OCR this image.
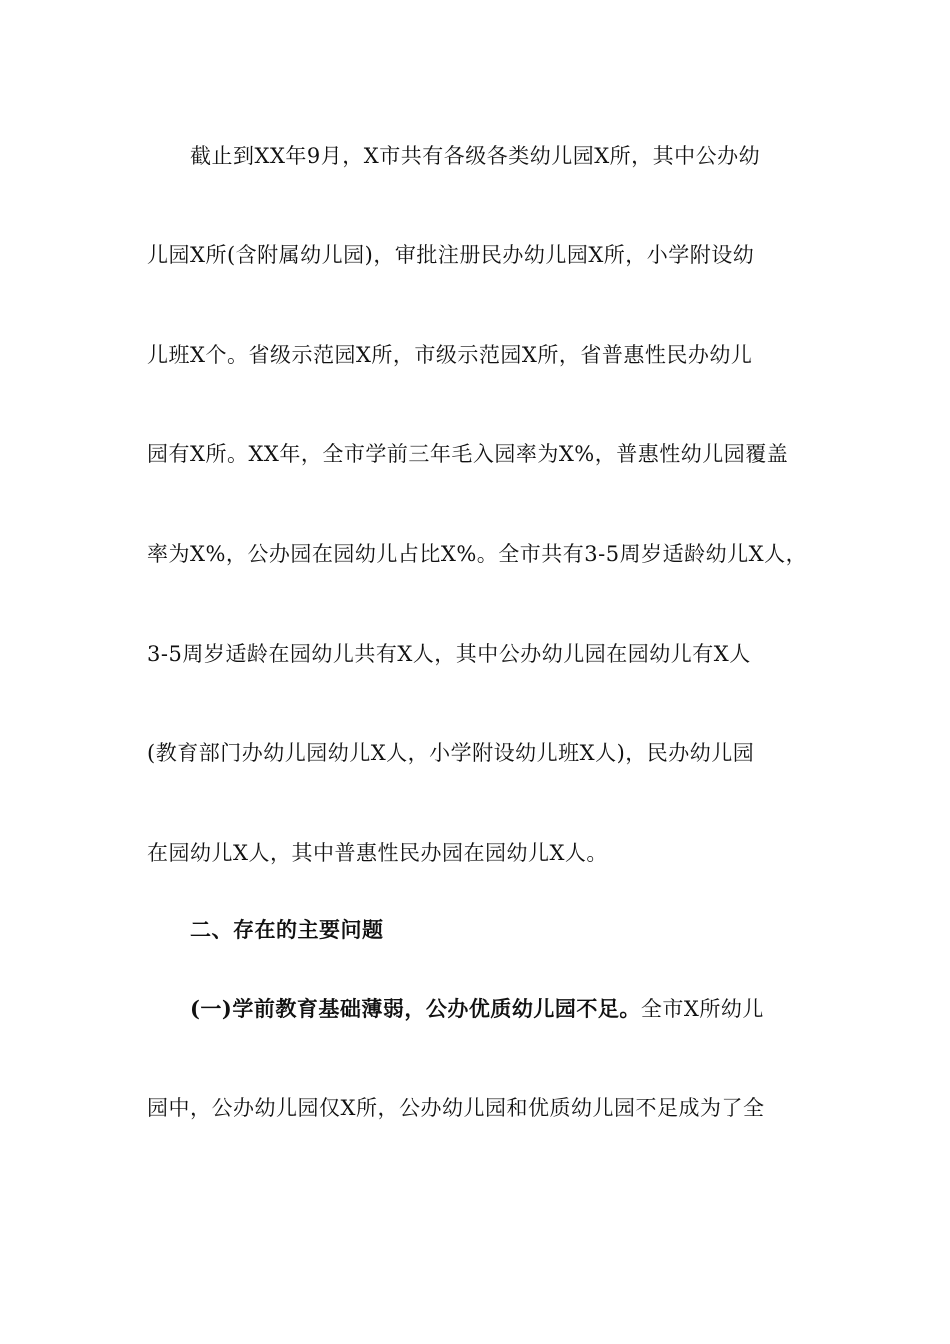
截止到XX年9月，X市共有各级各类幼儿园X所，其中公办幼
儿园X所(含附属幼儿园)，审批注册民办幼儿园X所，小学附设幼
儿班X个。省级示范园X所，市级示范园X所，省普惠性民办幼儿
园有X所。XX年，全市学前三年毛入园率为X%，普惠性幼儿园覆盖
率为X%，公办园在园幼儿占比X%。全市共有3-5周岁适龄幼儿X人，
3-5周岁适龄在园幼儿共有X人，其中公办幼儿园在园幼儿有X人
(教育部门办幼儿园幼儿X人，小学附设幼儿班X人)，民办幼儿园
在园幼儿X人，其中普惠性民办园在园幼儿X人。
二、存在的主要问题
(一)学前教育基础薄弱，公办优质幼儿园不足。全市X所幼儿
园中，公办幼儿园仅X所，公办幼儿园和优质幼儿园不足成为了全
